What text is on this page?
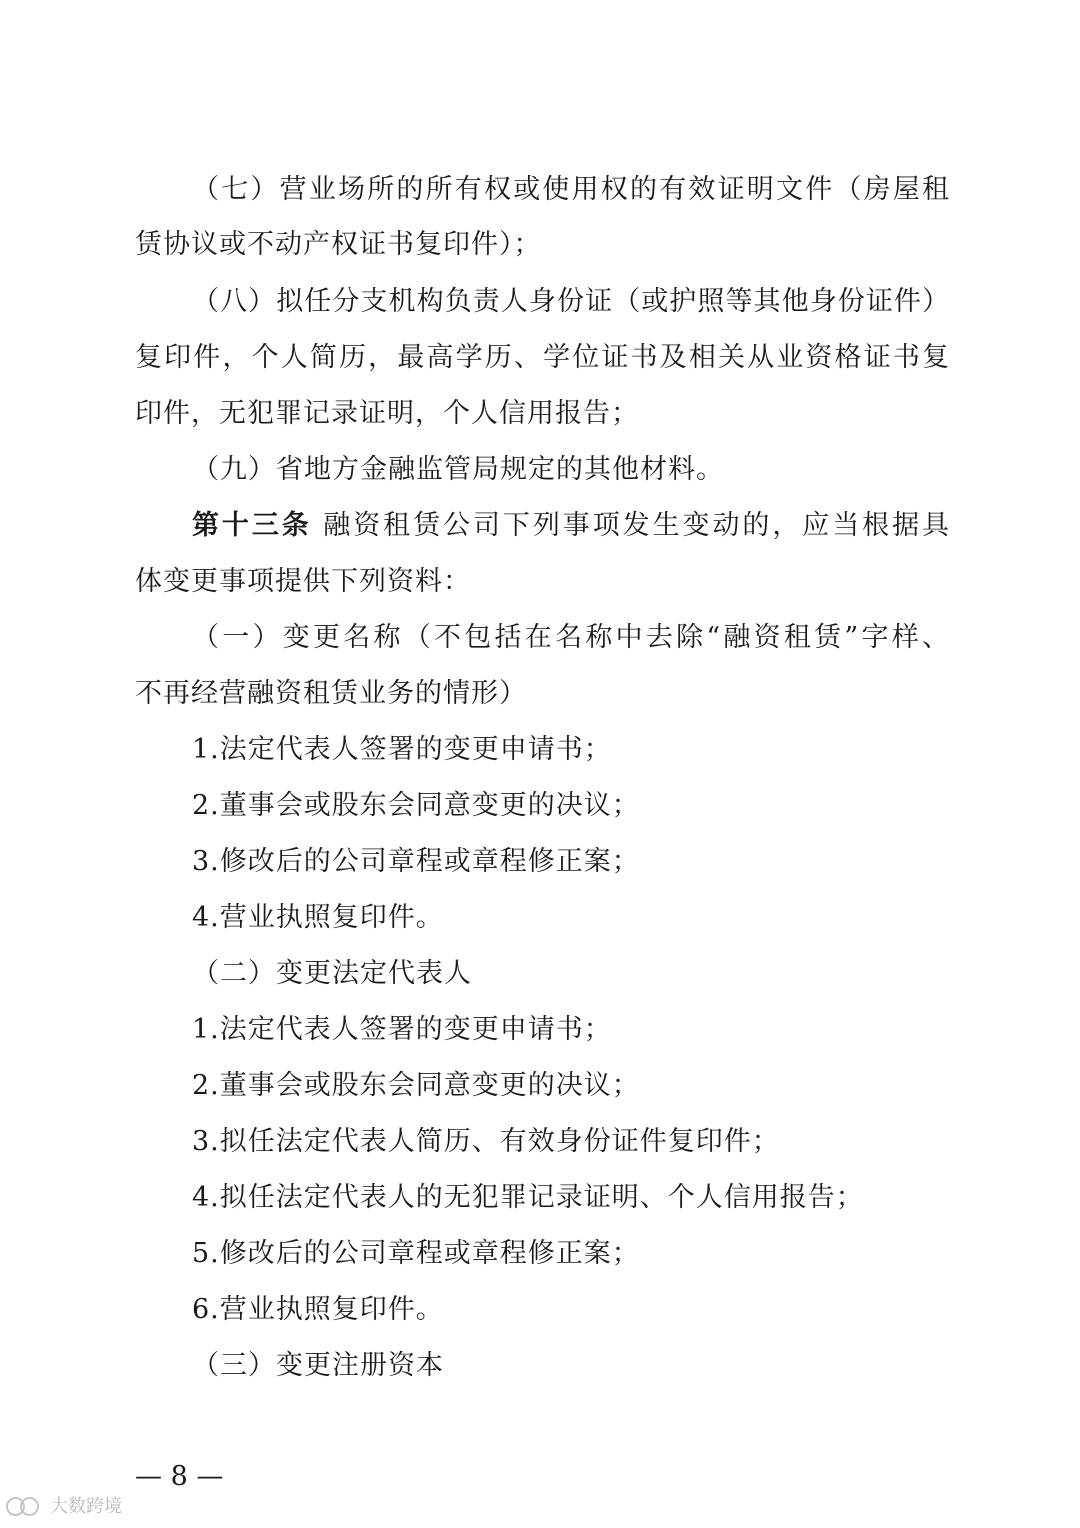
（七）营业场所的所有权或使用权的有效证明文件（房屋租
赁协议或不动产权证书复印件）；
（八）拟任分支机构负责人身份证（或护照等其他身份证件）
复印件，个人简历，最高学历、学位证书及相关从业资格证书复
印件，无犯罪记录证明，个人信用报告；
（九）省地方金融监管局规定的其他材料。
第十三条 融资租赁公司下列事项发生变动的，应当根据具
体变更事项提供下列资料：
（一）变更名称（不包括在名称中去除“融资租赁”字样、
不再经营融资租赁业务的情形）
1.法定代表人签署的变更申请书；
2.董事会或股东会同意变更的决议；
3.修改后的公司章程或章程修正案；
4.营业执照复印件。
（二）变更法定代表人
1.法定代表人签署的变更申请书；
2.董事会或股东会同意变更的决议；
3.拟任法定代表人简历、有效身份证件复印件；
4.拟任法定代表人的无犯罪记录证明、个人信用报告；
5.修改后的公司章程或章程修正案；
6.营业执照复印件。
（三）变更注册资本
— 8 —
大数跨境
